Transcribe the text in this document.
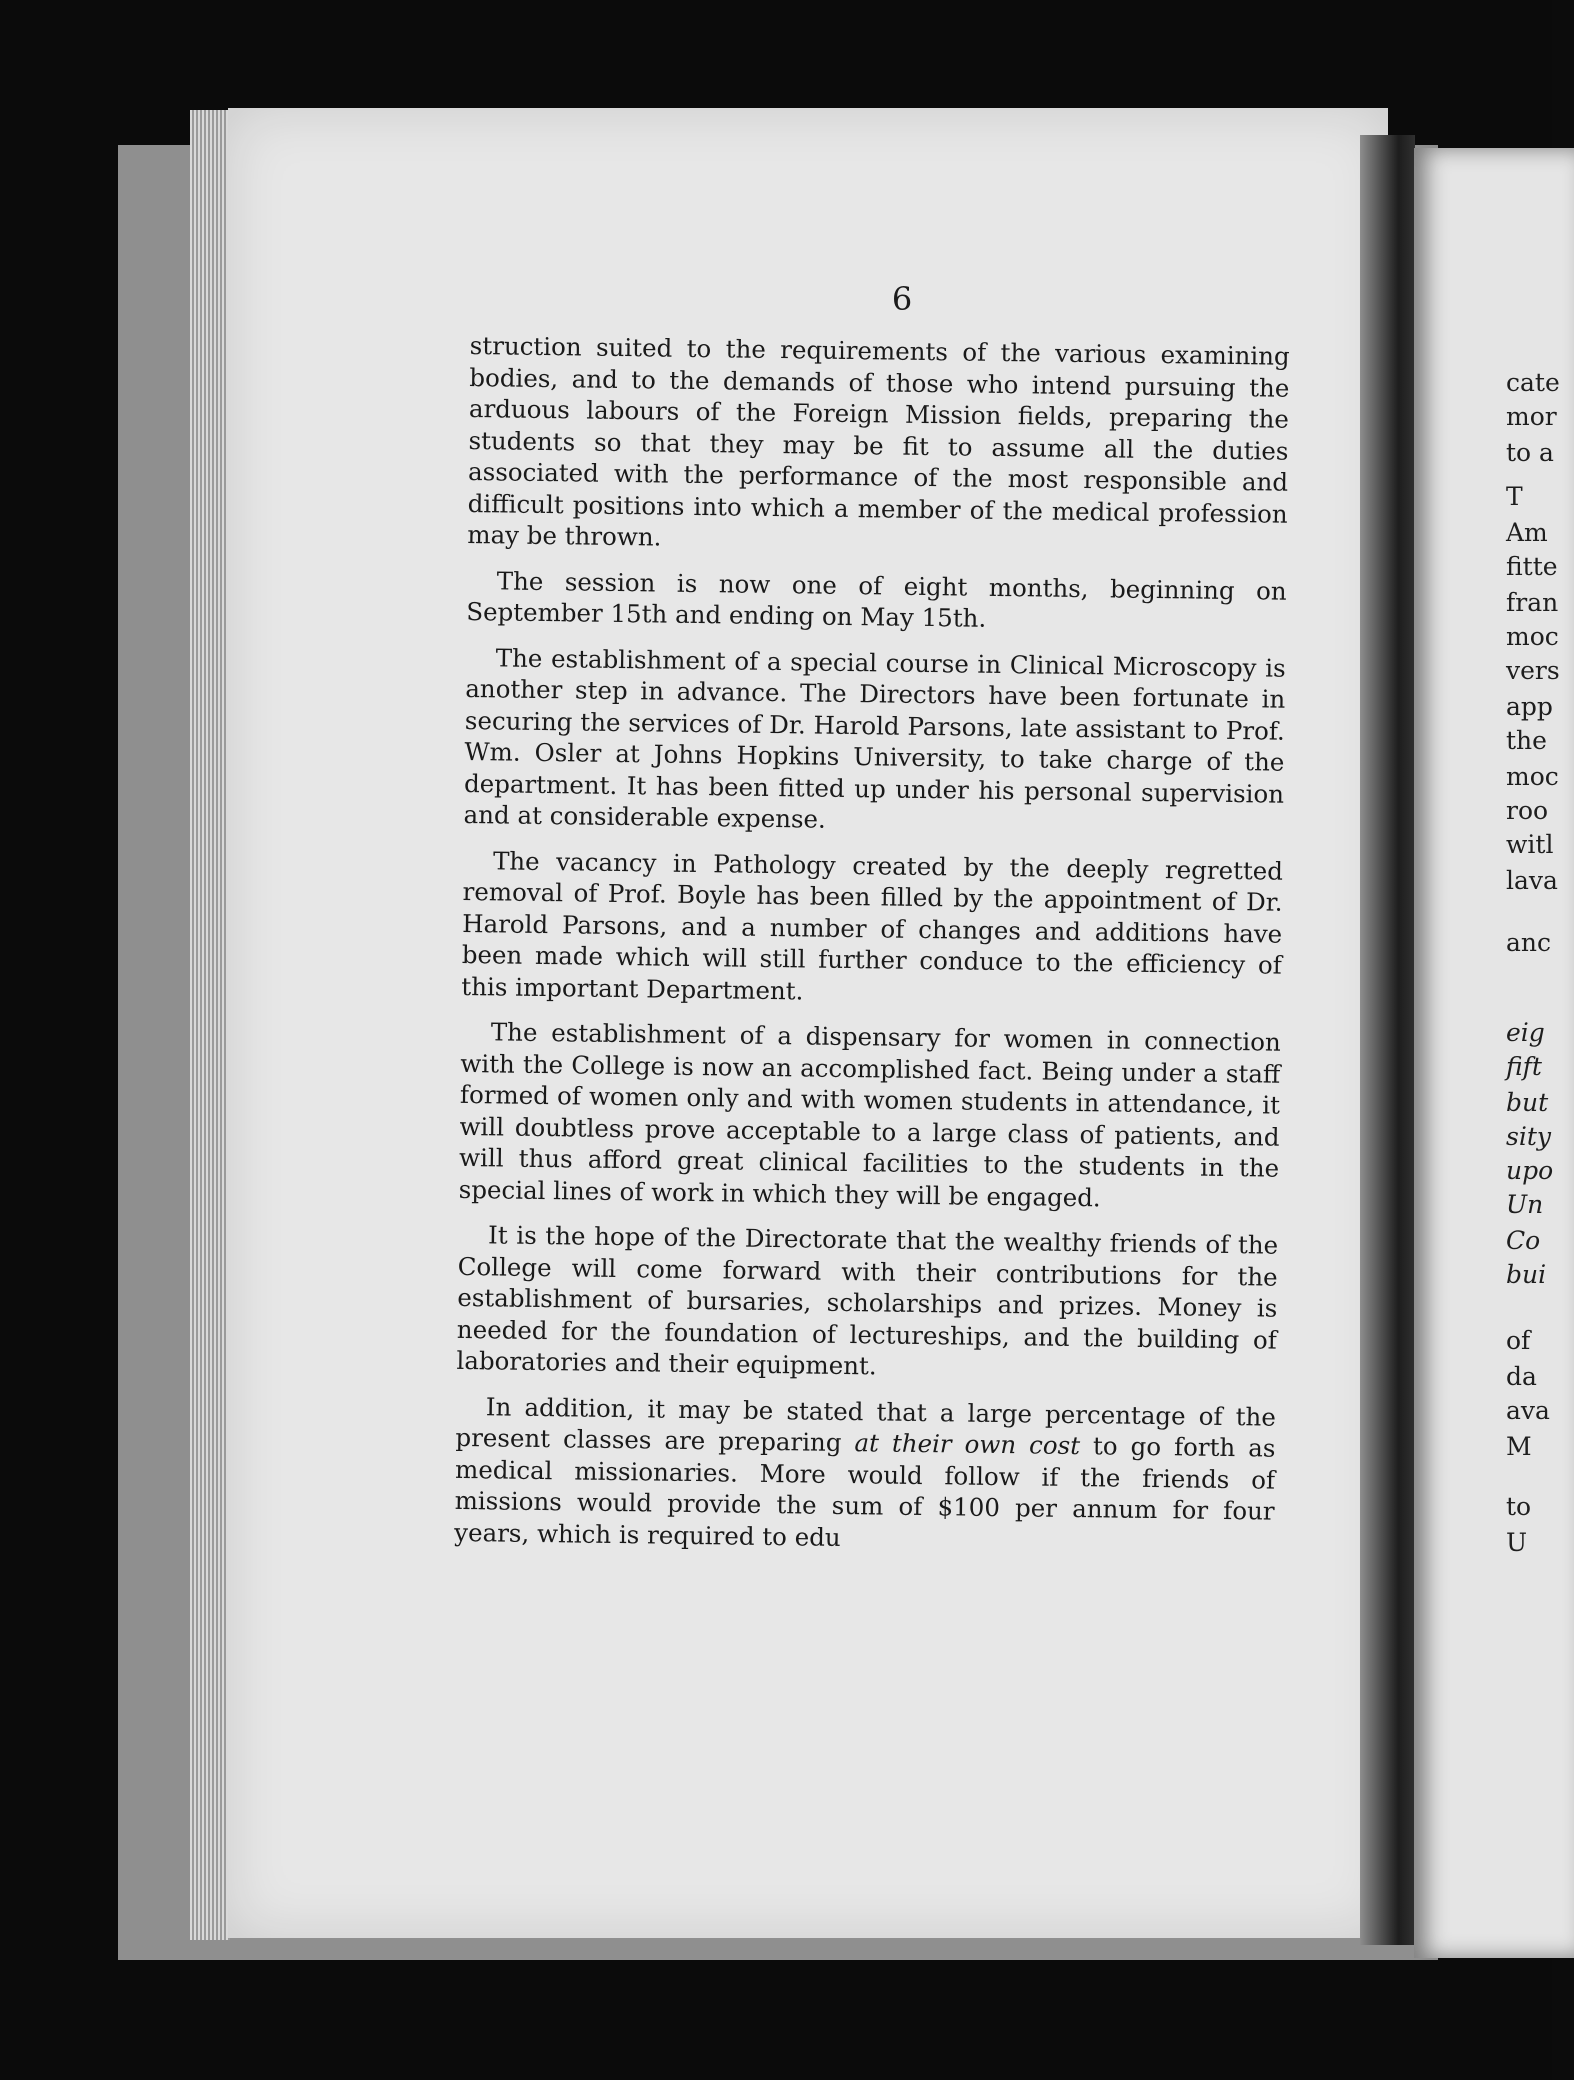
6

struction suited to the requirements of the various examining bodies, and to the demands of those who intend pursuing the arduous labours of the Foreign Mission fields, preparing the students so that they may be fit to assume all the duties associated with the performance of the most responsible and difficult positions into which a member of the medical profession may be thrown.

The session is now one of eight months, beginning on September 15th and ending on May 15th.

The establishment of a special course in Clinical Microscopy is another step in advance. The Directors have been fortunate in securing the services of Dr. Harold Parsons, late assistant to Prof. Wm. Osler at Johns Hopkins University, to take charge of the department. It has been fitted up under his personal supervision and at considerable expense.

The vacancy in Pathology created by the deeply regretted removal of Prof. Boyle has been filled by the appointment of Dr. Harold Parsons, and a number of changes and additions have been made which will still further conduce to the efficiency of this important Department.

The establishment of a dispensary for women in connection with the College is now an accomplished fact. Being under a staff formed of women only and with women students in attendance, it will doubtless prove acceptable to a large class of patients, and will thus afford great clinical facilities to the students in the special lines of work in which they will be engaged.

It is the hope of the Directorate that the wealthy friends of the College will come forward with their contributions for the establishment of bursaries, scholarships and prizes. Money is needed for the foundation of lectureships, and the building of laboratories and their equipment.

In addition, it may be stated that a large percentage of the present classes are preparing at their own cost to go forth as medical missionaries. More would follow if the friends of missions would provide the sum of $100 per annum for four years, which is required to edu

cate

mor

to a

T

Am

fitte

fran

moc

vers

app

the

moc

roo

witl

lava

anc

eig

fift

but

sity

upo

Un

Co

bui

of

da

ava

M

to

U
